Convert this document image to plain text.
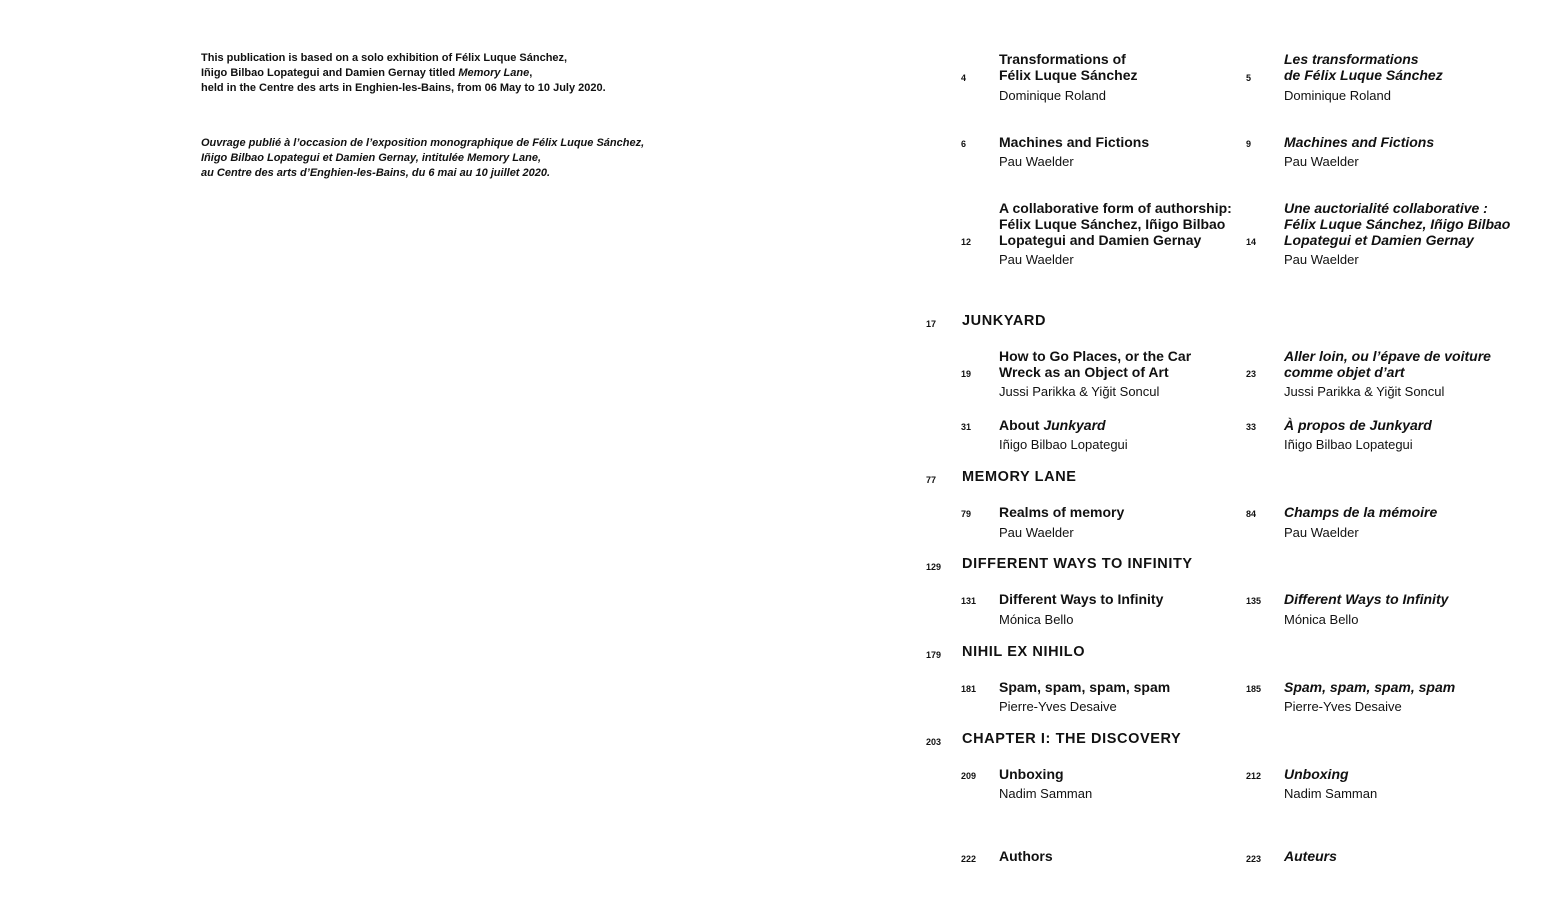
This publication is based on a solo exhibition of Félix Luque Sánchez,
Iñigo Bilbao Lopategui and Damien Gernay titled Memory Lane,
held in the Centre des arts in Enghien-les-Bains, from 06 May to 10 July 2020.
Ouvrage publié à l’occasion de l’exposition monographique de Félix Luque Sánchez,
Iñigo Bilbao Lopategui et Damien Gernay, intitulée Memory Lane,
au Centre des arts d’Enghien-les-Bains, du 6 mai au 10 juillet 2020.
4
Transformations of
Félix Luque Sánchez
Dominique Roland
5
Les transformations
de Félix Luque Sánchez
Dominique Roland
6 Machines and Fictions
Pau Waelder
9 Machines and Fictions
Pau Waelder
12
A collaborative form of authorship:
Félix Luque Sánchez, Iñigo Bilbao
Lopategui and Damien Gernay
Pau Waelder
14
Une auctorialité collaborative :
Félix Luque Sánchez, Iñigo Bilbao
Lopategui et Damien Gernay
Pau Waelder
17 JUNKYARD
19
How to Go Places, or the Car
Wreck as an Object of Art
Jussi Parikka & Yiğit Soncul
23
Aller loin, ou l’épave de voiture
comme objet d’art
Jussi Parikka & Yiğit Soncul
31 About Junkyard
Iñigo Bilbao Lopategui
33 À propos de Junkyard
Iñigo Bilbao Lopategui
77 MEMORY LANE
79 Realms of memory
Pau Waelder
84 Champs de la mémoire
Pau Waelder
129 DIFFERENT WAYS TO INFINITY
131 Different Ways to Infinity
Mónica Bello
135 Different Ways to Infinity
Mónica Bello
179 NIHIL EX NIHILO
181 Spam, spam, spam, spam
Pierre-Yves Desaive
185 Spam, spam, spam, spam
Pierre-Yves Desaive
203 CHAPTER I: THE DISCOVERY
209 Unboxing
Nadim Samman
212 Unboxing
Nadim Samman
222 Authors	223 Auteurs
